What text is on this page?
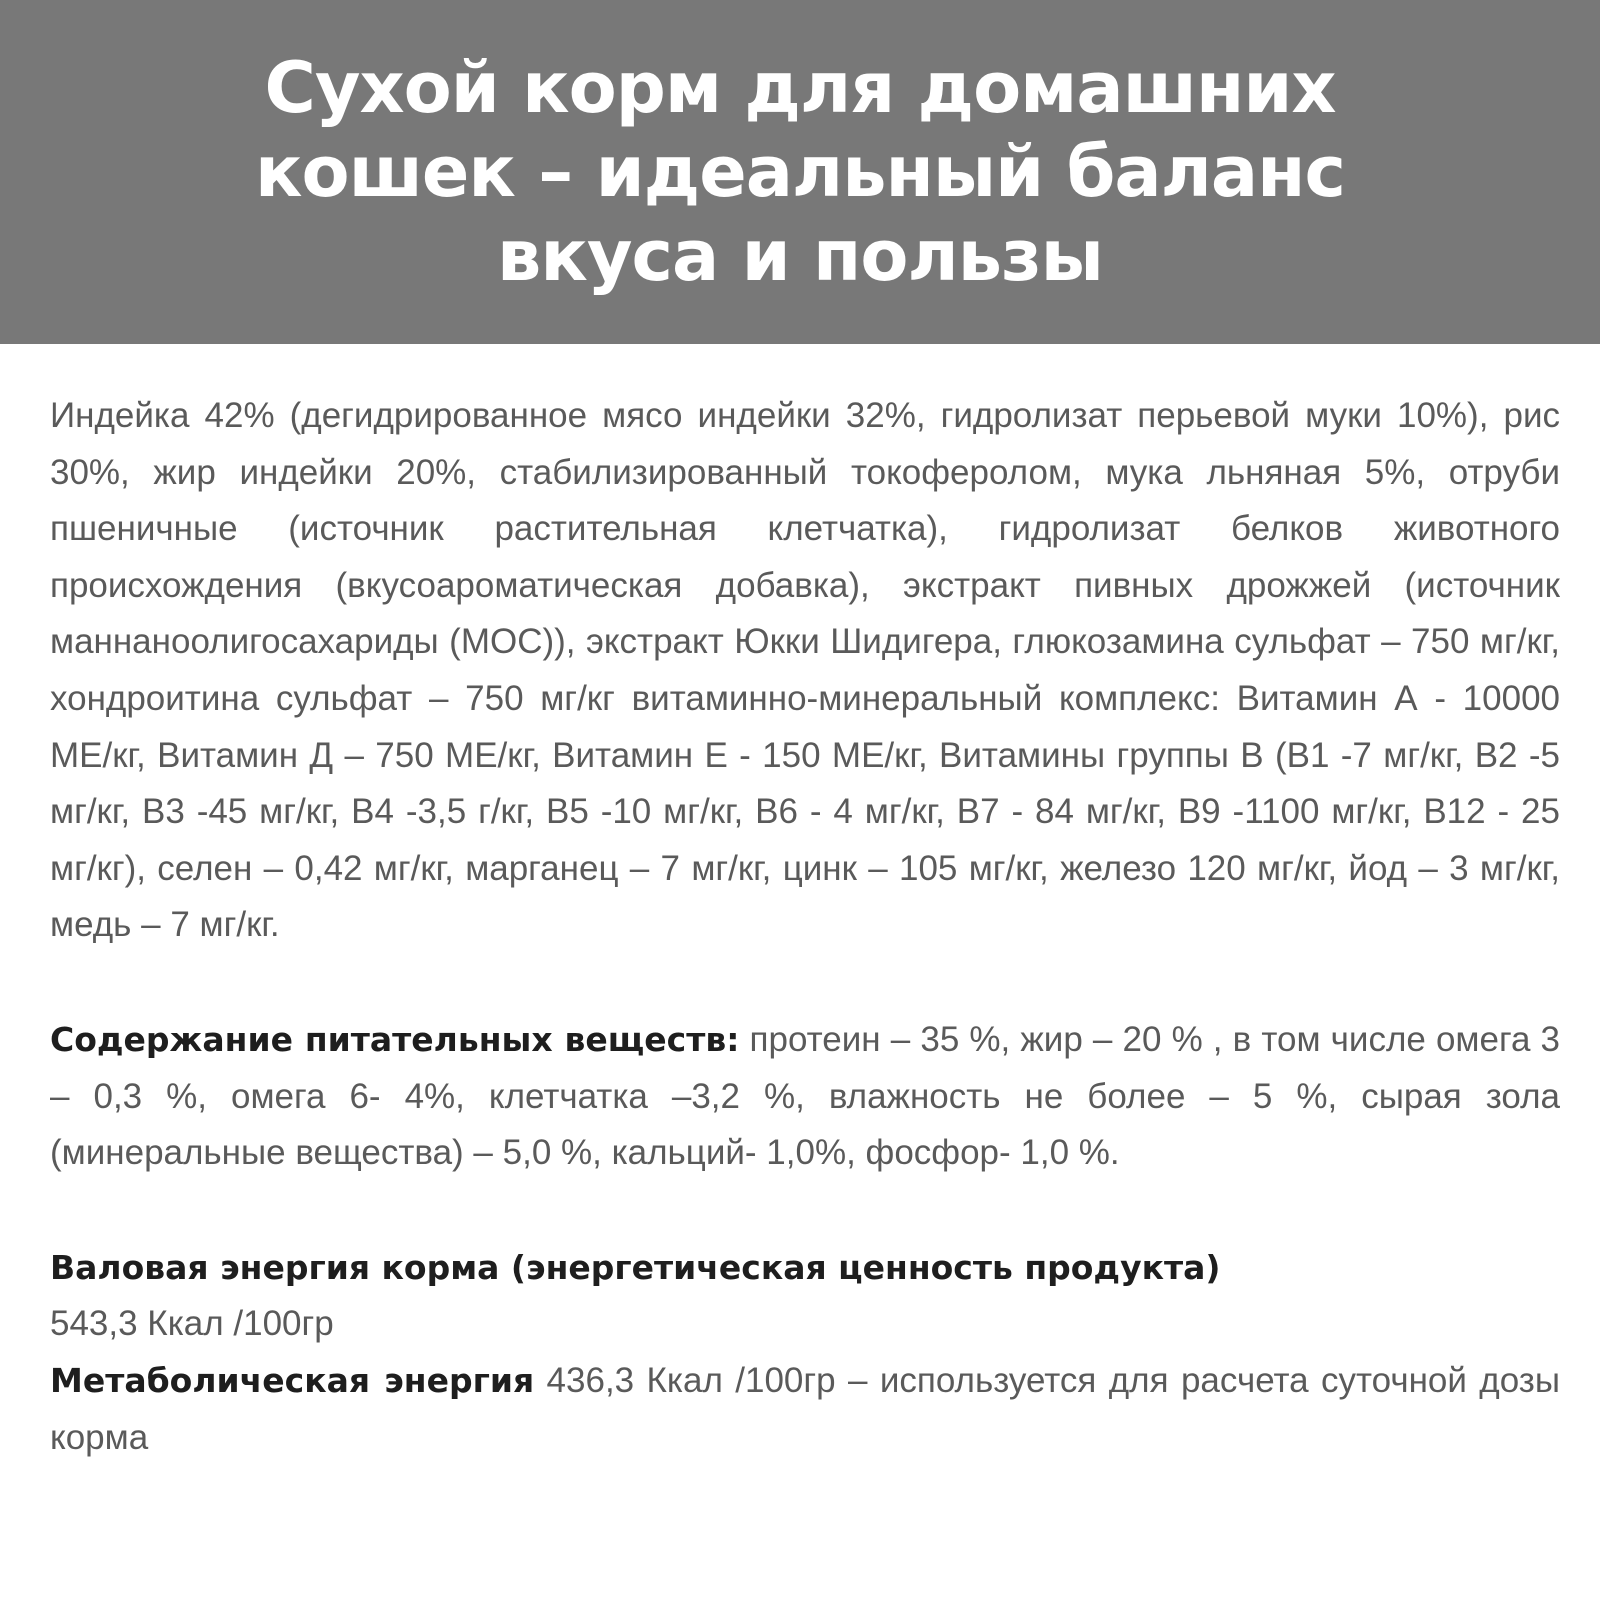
Сухой корм для домашних кошек – идеальный баланс вкуса и пользы

Индейка 42% (дегидрированное мясо индейки 32%, гидролизат перьевой муки 10%), рис 30%, жир индейки 20%, стабилизированный токоферолом, мука льняная 5%, отруби пшеничные (источник растительная клетчатка), гидролизат белков животного происхождения (вкусоароматическая добавка), экстракт пивных дрожжей (источник маннаноолигосахариды (МОС)), экстракт Юкки Шидигера, глюкозамина сульфат – 750 мг/кг, хондроитина сульфат – 750 мг/кг витаминно-минеральный комплекс: Витамин А - 10000 МЕ/кг, Витамин Д – 750 МЕ/кг, Витамин Е - 150 МЕ/кг, Витамины группы В (В1 -7 мг/кг, В2 -5 мг/кг, В3 -45 мг/кг, В4 -3,5 г/кг, В5 -10 мг/кг, В6 - 4 мг/кг, В7 - 84 мг/кг, В9 -1100 мг/кг, В12 - 25 мг/кг), селен – 0,42 мг/кг, марганец – 7 мг/кг, цинк – 105 мг/кг, железо 120 мг/кг, йод – 3 мг/кг, медь – 7 мг/кг.

Содержание питательных веществ: протеин – 35 %, жир – 20 % , в том числе омега 3 – 0,3 %, омега 6- 4%, клетчатка –3,2 %, влажность не более – 5 %, сырая зола (минеральные вещества) – 5,0 %, кальций- 1,0%, фосфор- 1,0 %.

Валовая энергия корма (энергетическая ценность продукта)
543,3 Ккал /100гр

Метаболическая энергия 436,3 Ккал /100гр – используется для расчета суточной дозы корма
